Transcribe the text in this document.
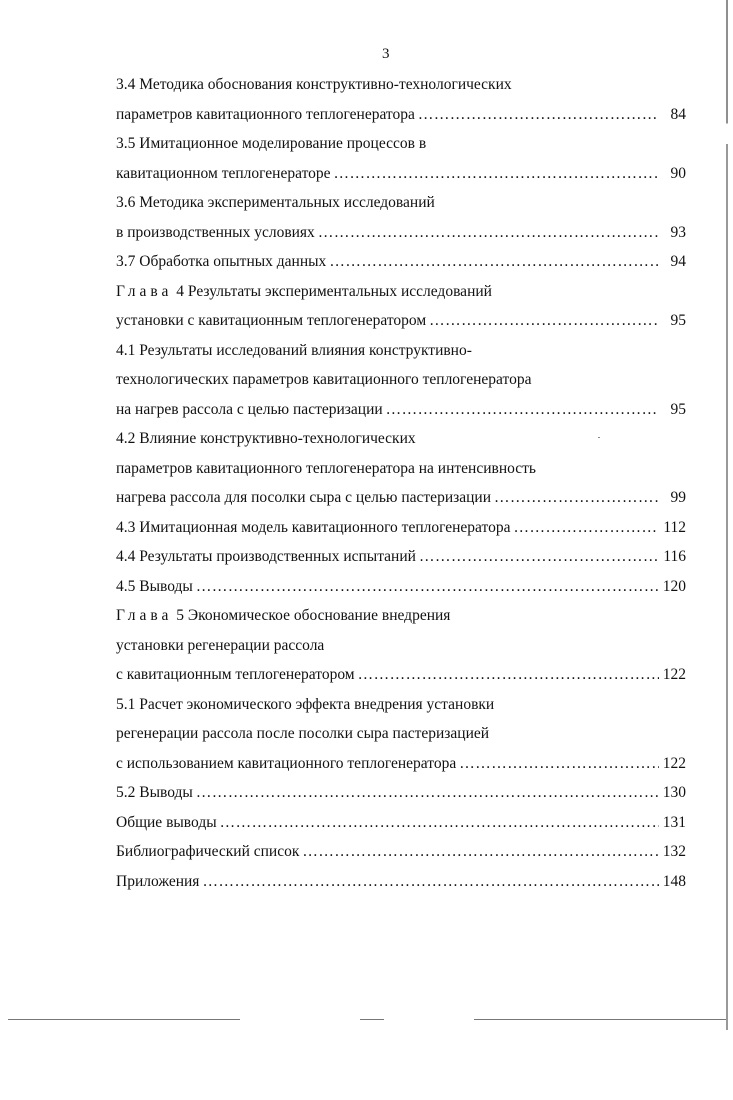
3
3.4 Методика обоснования конструктивно-технологических
параметров кавитационного теплогенератора ……………………………………………………………………………………………………………………………………………………………	84
3.5 Имитационное моделирование процессов в
кавитационном теплогенераторе ……………………………………………………………………………………………………………………………………………………………	90
3.6 Методика экспериментальных исследований
в производственных условиях ……………………………………………………………………………………………………………………………………………………………	93
3.7 Обработка опытных данных ……………………………………………………………………………………………………………………………………………………………	94
Глава 4 Результаты экспериментальных исследований
установки с кавитационным теплогенератором ……………………………………………………………………………………………………………………………………………………………	95
4.1 Результаты исследований влияния конструктивно-
технологических параметров кавитационного теплогенератора
на нагрев рассола с целью пастеризации ……………………………………………………………………………………………………………………………………………………………	95
4.2 Влияние конструктивно-технологических
параметров кавитационного теплогенератора на интенсивность
нагрева рассола для посолки сыра с целью пастеризации ……………………………………………………………………………………………………………………………………………………………	99
4.3 Имитационная модель кавитационного теплогенератора ……………………………………………………………………………………………………………………………………………………………	112
4.4 Результаты производственных испытаний ……………………………………………………………………………………………………………………………………………………………	116
4.5 Выводы ……………………………………………………………………………………………………………………………………………………………	120
Глава 5 Экономическое обоснование внедрения
установки регенерации рассола
с кавитационным теплогенератором ……………………………………………………………………………………………………………………………………………………………	122
5.1 Расчет экономического эффекта внедрения установки
регенерации рассола после посолки сыра пастеризацией
с использованием кавитационного теплогенератора ……………………………………………………………………………………………………………………………………………………………	122
5.2 Выводы ……………………………………………………………………………………………………………………………………………………………	130
Общие выводы ……………………………………………………………………………………………………………………………………………………………	131
Библиографический список ……………………………………………………………………………………………………………………………………………………………	132
Приложения ……………………………………………………………………………………………………………………………………………………………	148
